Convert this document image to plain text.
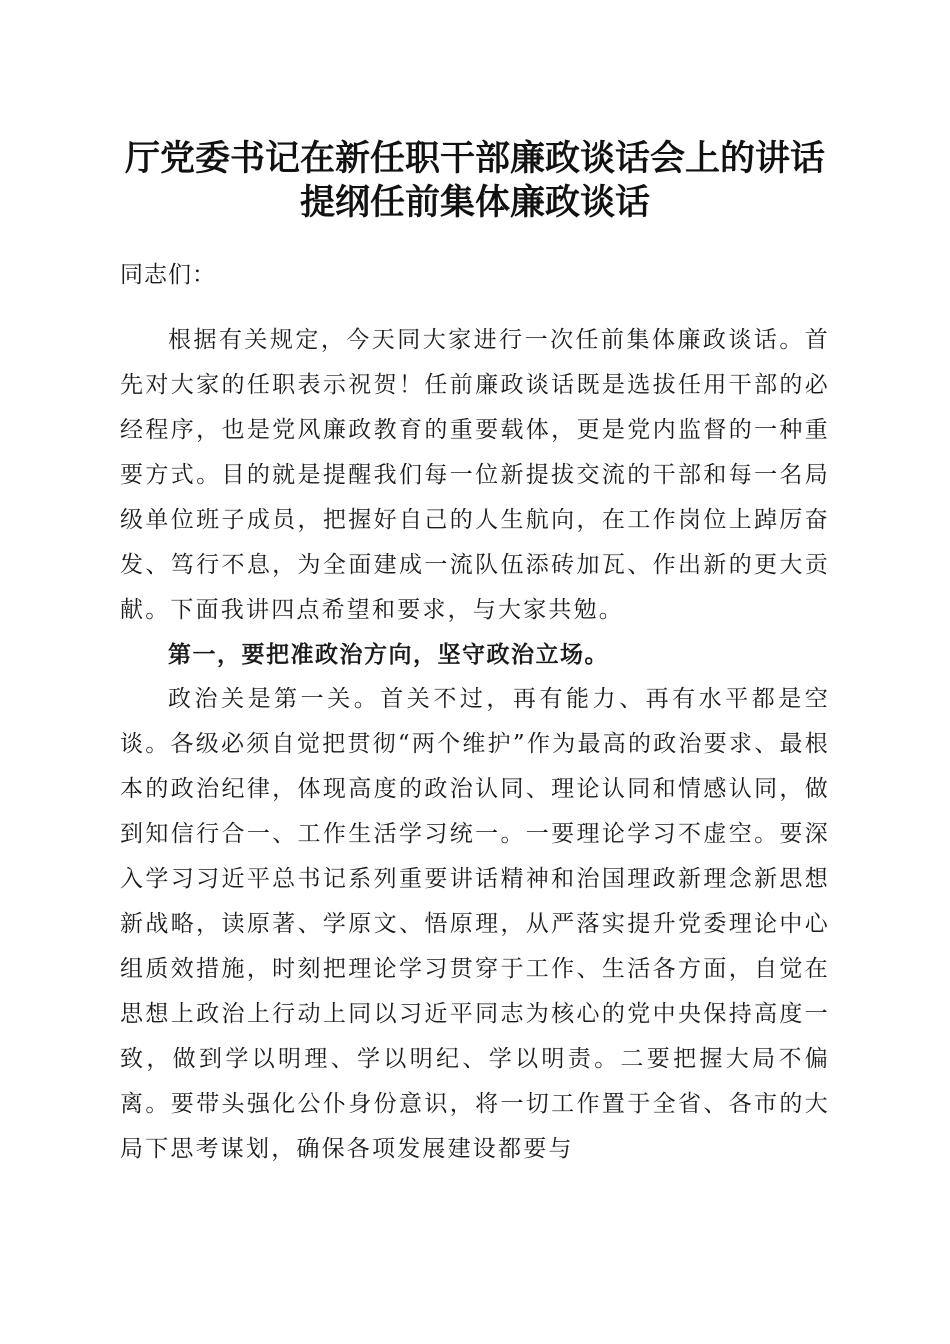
厅党委书记在新任职干部廉政谈话会上的讲话
提纲任前集体廉政谈话
同志们：
根据有关规定，今天同大家进行一次任前集体廉政谈话。首先对大家的任职表示祝贺！任前廉政谈话既是选拔任用干部的必经程序，也是党风廉政教育的重要载体，更是党内监督的一种重要方式。目的就是提醒我们每一位新提拔交流的干部和每一名局级单位班子成员，把握好自己的人生航向，在工作岗位上踔厉奋发、笃行不息，为全面建成一流队伍添砖加瓦、作出新的更大贡献。下面我讲四点希望和要求，与大家共勉。
第一，要把准政治方向，坚守政治立场。
政治关是第一关。首关不过，再有能力、再有水平都是空谈。各级必须自觉把贯彻“两个维护”作为最高的政治要求、最根本的政治纪律，体现高度的政治认同、理论认同和情感认同，做到知信行合一、工作生活学习统一。一要理论学习不虚空。要深入学习习近平总书记系列重要讲话精神和治国理政新理念新思想新战略，读原著、学原文、悟原理，从严落实提升党委理论中心组质效措施，时刻把理论学习贯穿于工作、生活各方面，自觉在思想上政治上行动上同以习近平同志为核心的党中央保持高度一致，做到学以明理、学以明纪、学以明责。二要把握大局不偏离。要带头强化公仆身份意识，将一切工作置于全省、各市的大局下思考谋划，确保各项发展建设都要与
